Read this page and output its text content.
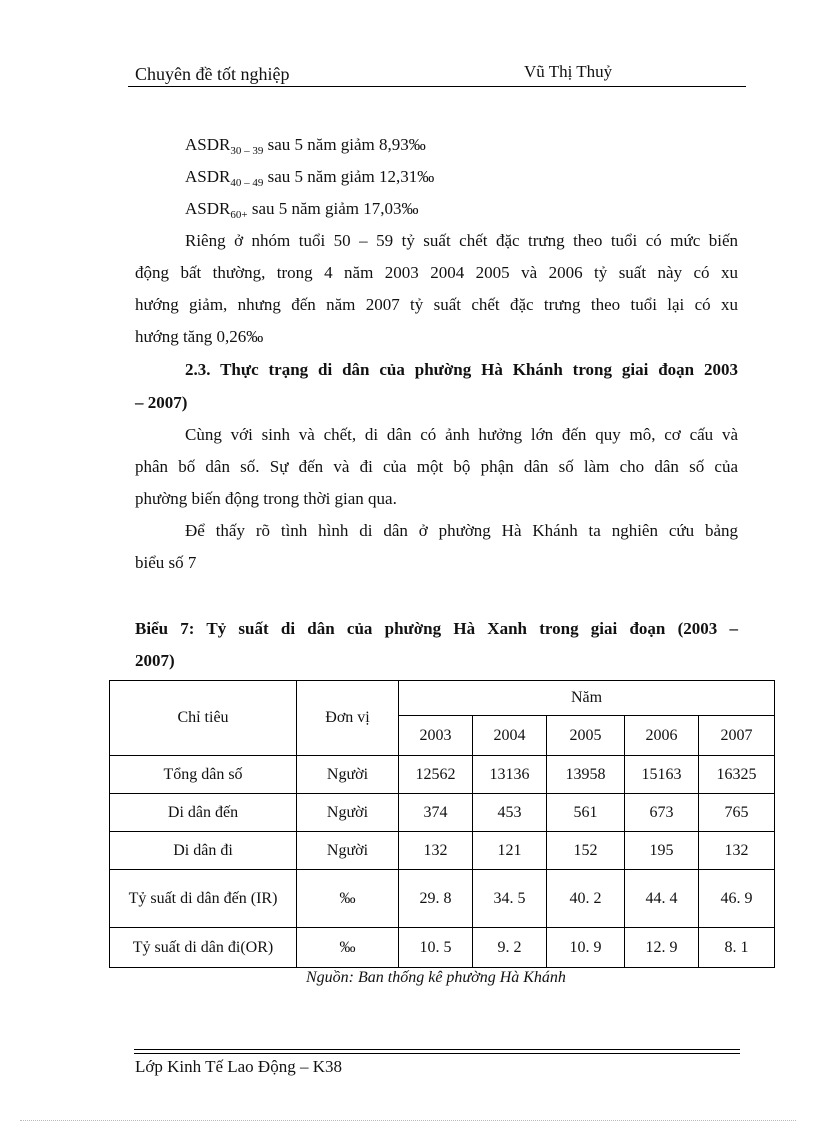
Chuyên đề tốt nghiệp	Vũ Thị Thuỷ
$ASDR_{30 - 39}$ sau 5 năm giảm 8,93‰
$ASDR_{40 - 49}$ sau 5 năm giảm 12,31‰
$ASDR_{60+}$ sau 5 năm giảm 17,03‰
Riêng ở nhóm tuổi 50 – 59 tỷ suất chết đặc trưng theo tuổi có mức biến
động bất thường, trong 4 năm 2003 2004 2005 và 2006 tỷ suất này có xu
hướng giảm, nhưng đến năm 2007 tỷ suất chết đặc trưng theo tuổi lại có xu
hướng tăng 0,26‰
2.3. Thực trạng di dân của phường Hà Khánh trong giai đoạn 2003
– 2007)
Cùng với sinh và chết, di dân có ảnh hưởng lớn đến quy mô, cơ cấu và
phân bố dân số. Sự đến và đi của một bộ phận dân số làm cho dân số của
phường biến động trong thời gian qua.
Để thấy rõ tình hình di dân ở phường Hà Khánh ta nghiên cứu bảng
biểu số 7
Biểu 7: Tỷ suất di dân của phường Hà Xanh trong giai đoạn (2003 –
2007)
Chỉ tiêu	Đơn vị	Năm				
		2003	2004	2005	2006	2007
Tổng dân số	Người	12562	13136	13958	15163	16325
Di dân đến	Người	374	453	561	673	765
Di dân đi	Người	132	121	152	195	132
Tỷ suất di dân đến (IR)	‰	29. 8	34. 5	40. 2	44. 4	46. 9
Tỷ suất di dân đi(OR)	‰	10. 5	9. 2	10. 9	12. 9	8. 1
Nguồn: Ban thống kê phường Hà Khánh
Lớp Kinh Tế Lao Động – K38
